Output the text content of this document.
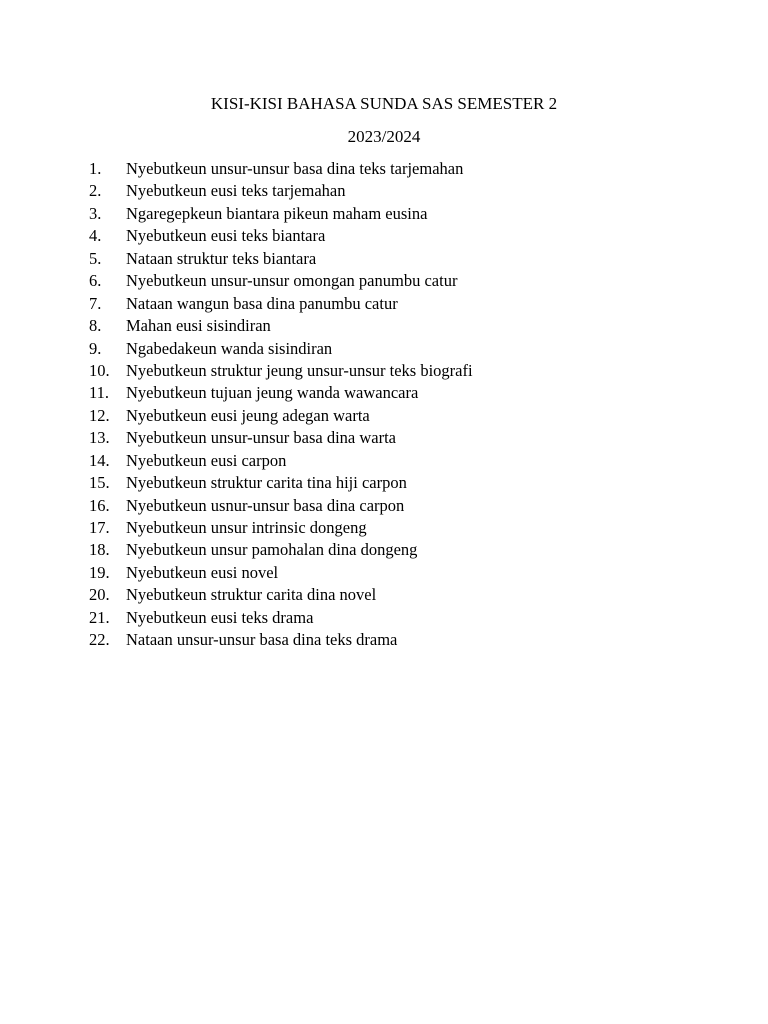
KISI-KISI BAHASA SUNDA SAS SEMESTER 2

2023/2024

1. Nyebutkeun unsur-unsur basa dina teks tarjemahan
2. Nyebutkeun eusi teks tarjemahan
3. Ngaregepkeun biantara pikeun maham eusina
4. Nyebutkeun eusi teks biantara
5. Nataan struktur teks biantara
6. Nyebutkeun unsur-unsur omongan panumbu catur
7. Nataan wangun basa dina panumbu catur
8. Mahan eusi sisindiran
9. Ngabedakeun wanda sisindiran
10. Nyebutkeun struktur jeung unsur-unsur teks biografi
11. Nyebutkeun tujuan jeung wanda wawancara
12. Nyebutkeun eusi jeung adegan warta
13. Nyebutkeun unsur-unsur basa dina warta
14. Nyebutkeun eusi carpon
15. Nyebutkeun struktur carita tina hiji carpon
16. Nyebutkeun usnur-unsur basa dina carpon
17. Nyebutkeun unsur intrinsic dongeng
18. Nyebutkeun unsur pamohalan dina dongeng
19. Nyebutkeun eusi novel
20. Nyebutkeun struktur carita dina novel
21. Nyebutkeun eusi teks drama
22. Nataan unsur-unsur basa dina teks drama
